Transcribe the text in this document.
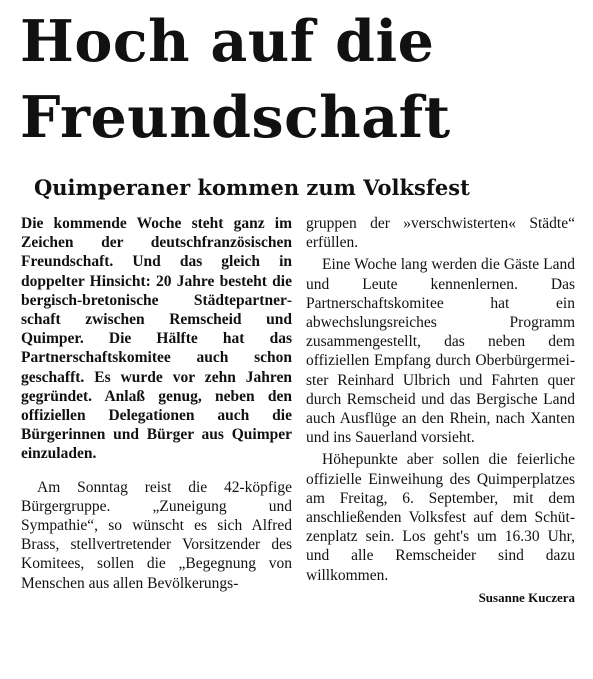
Hoch auf die
Freundschaft
Quimperaner kommen zum Volksfest

Die kommende Woche steht ganz im Zeichen der deutschfranzösischen Freundschaft. Und das gleich in doppelter Hinsicht: 20 Jahre besteht die bergisch-bretonische Städtepartnerschaft zwischen Remscheid und Quimper. Die Hälfte hat das Partnerschaftskomitee auch schon geschafft. Es wurde vor zehn Jahren gegründet. Anlaß genug, neben den offiziellen Delegationen auch die Bürgerinnen und Bürger aus Quimper einzuladen.

Am Sonntag reist die 42-köpfige Bürgergruppe. „Zuneigung und Sympathie“, so wünscht es sich Alfred Brass, stellvertretender Vorsitzender des Komitees, sollen die „Begegnung von Menschen aus allen Bevölkerungs-

gruppen der »verschwisterten« Städte“ erfüllen.

Eine Woche lang werden die Gäste Land und Leute kennenlernen. Das Partnerschaftskomitee hat ein abwechslungsreiches Programm zusammengestellt, das neben dem offiziellen Empfang durch Oberbürgermeister Reinhard Ulbrich und Fahrten quer durch Remscheid und das Bergische Land auch Ausflüge an den Rhein, nach Xanten und ins Sauerland vorsieht.

Höhepunkte aber sollen die feierliche offizielle Einweihung des Quimperplatzes am Freitag, 6. September, mit dem anschließenden Volksfest auf dem Schützenplatz sein. Los geht's um 16.30 Uhr, und alle Remscheider sind dazu willkommen.

Susanne Kuczera
